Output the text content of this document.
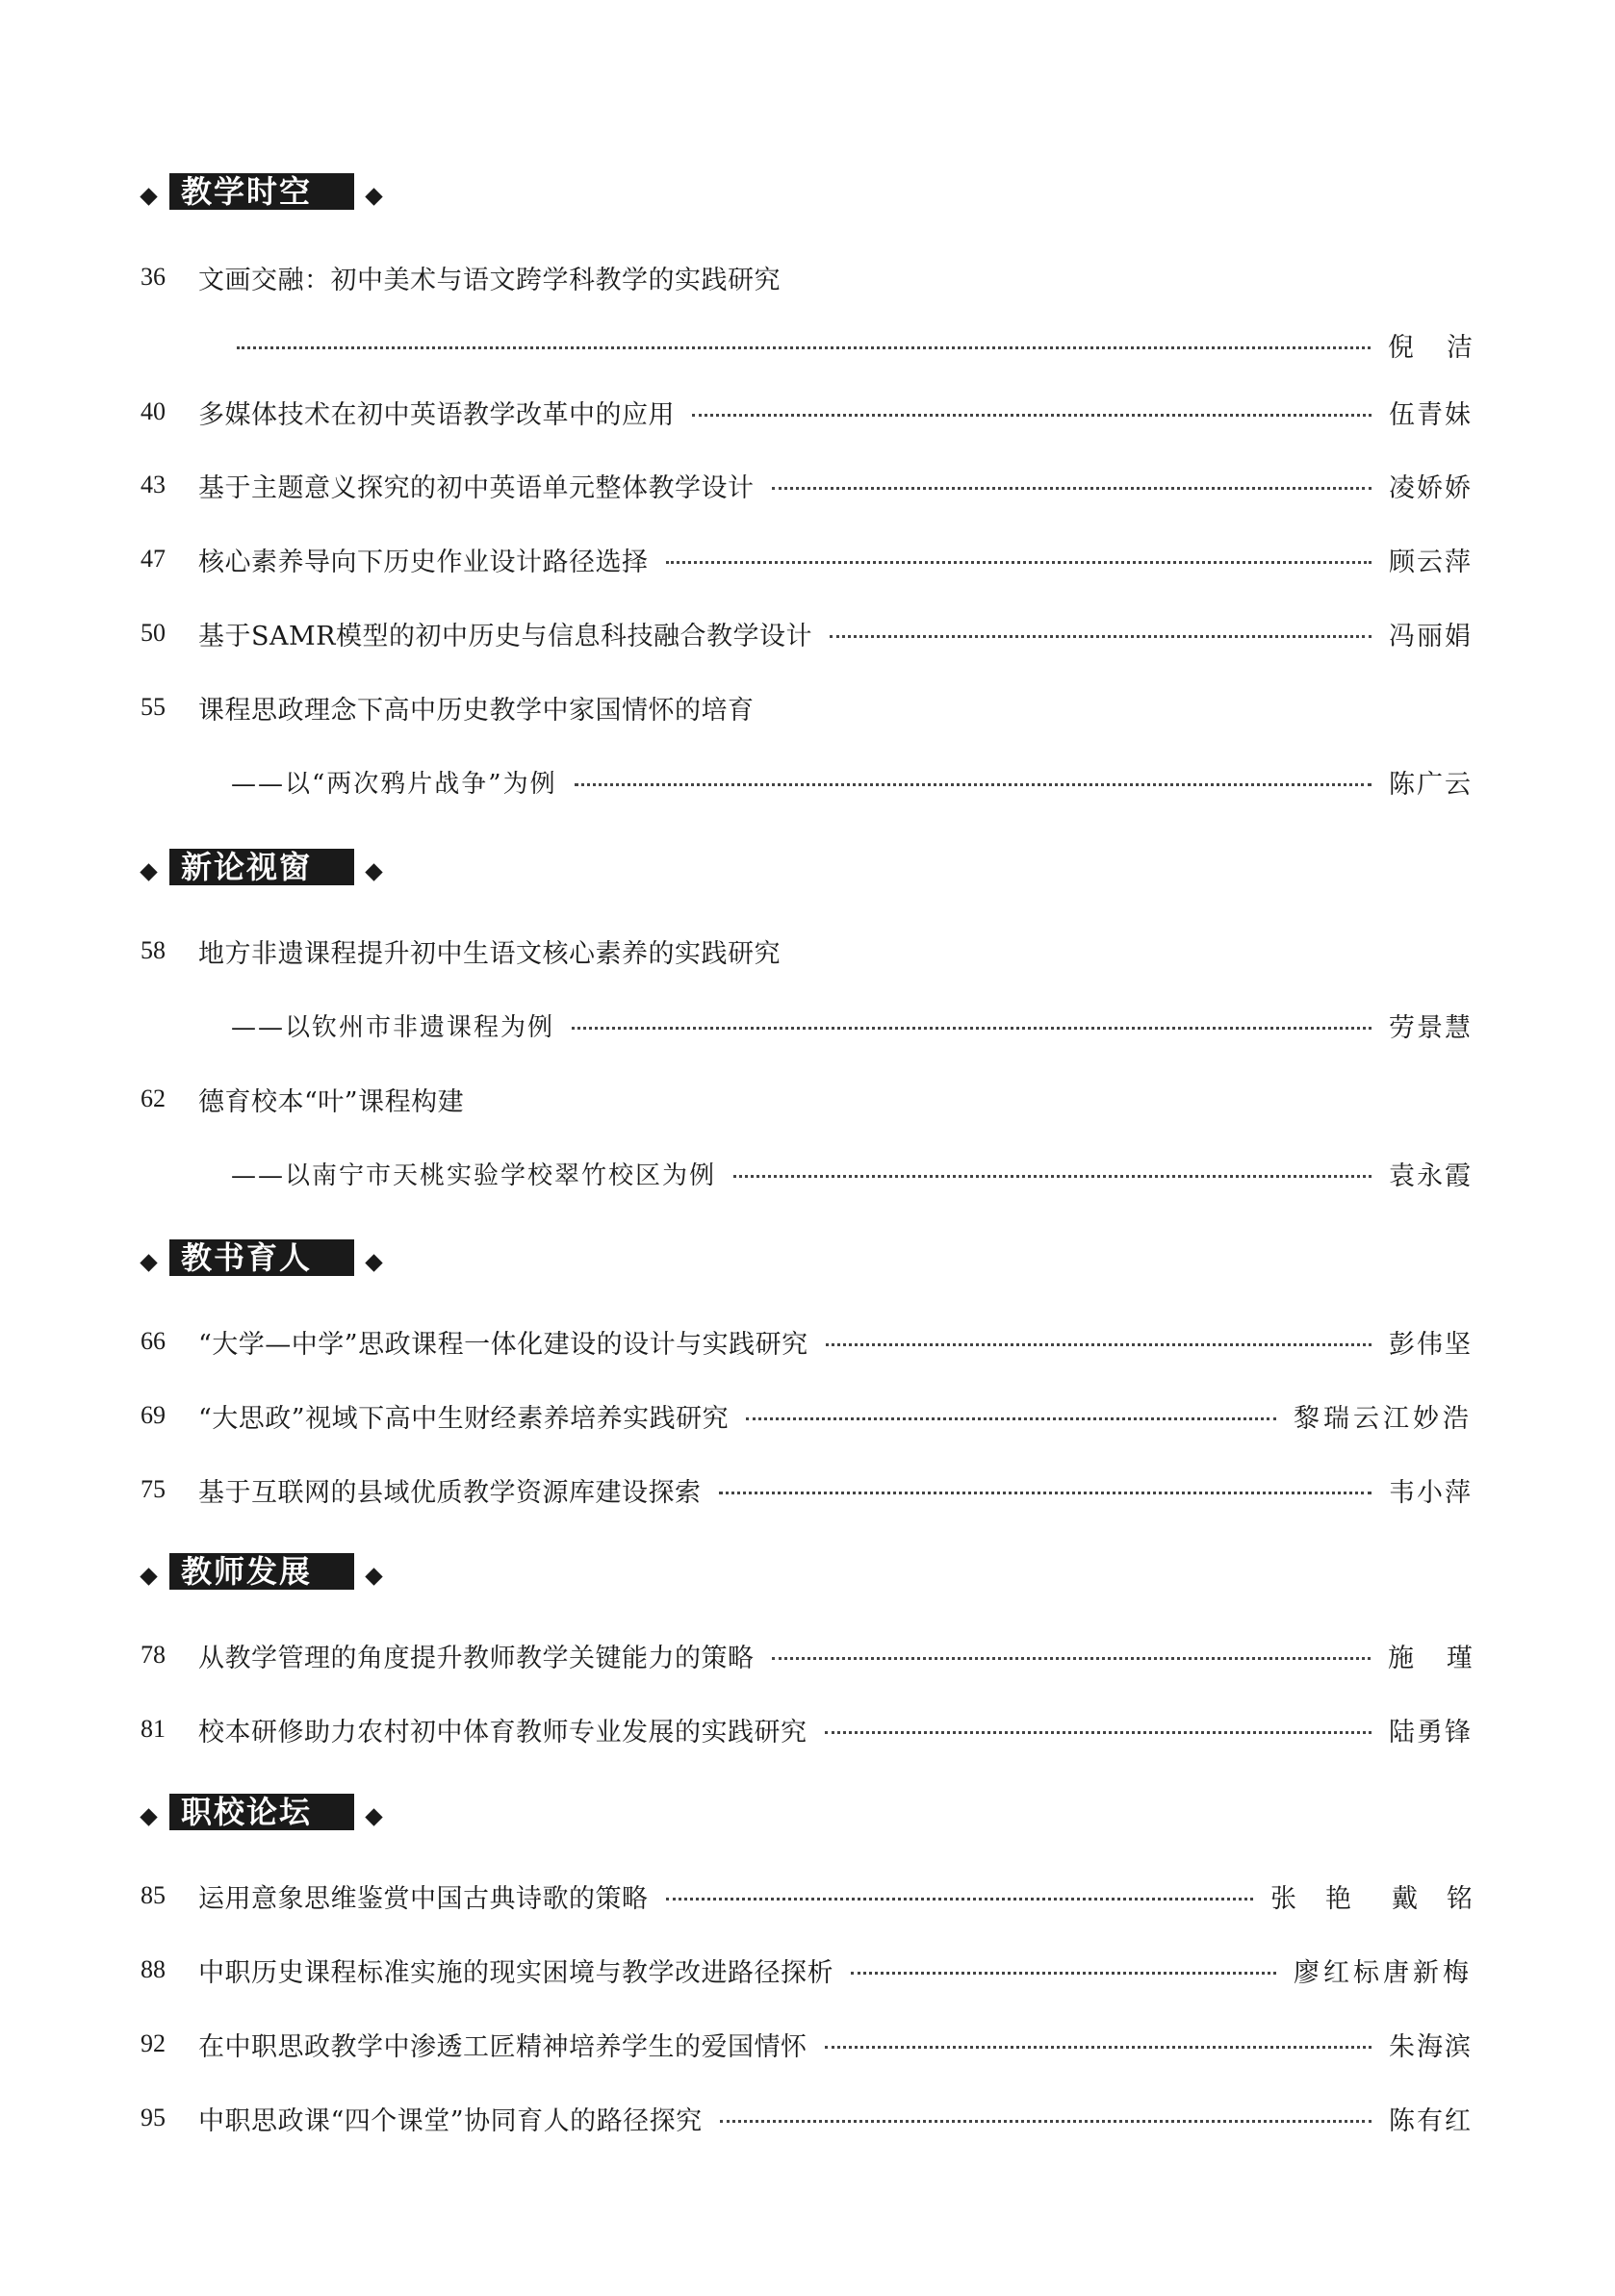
教学时空
36	文画交融：初中美术与语文跨学科教学的实践研究
倪洁
40	多媒体技术在初中英语教学改革中的应用	伍青妹
43	基于主题意义探究的初中英语单元整体教学设计	凌娇娇
47	核心素养导向下历史作业设计路径选择	顾云萍
50	基于SAMR模型的初中历史与信息科技融合教学设计	冯丽娟
55	课程思政理念下高中历史教学中家国情怀的培育
——以“两次鸦片战争”为例	陈广云
新论视窗
58	地方非遗课程提升初中生语文核心素养的实践研究
——以钦州市非遗课程为例	劳景慧
62	德育校本“叶”课程构建
——以南宁市天桃实验学校翠竹校区为例	袁永霞
教书育人
66	“大学—中学”思政课程一体化建设的设计与实践研究	彭伟坚
69	“大思政”视域下高中生财经素养培养实践研究	黎瑞云 江妙浩
75	基于互联网的县域优质教学资源库建设探索	韦小萍
教师发展
78	从教学管理的角度提升教师教学关键能力的策略	施瑾
81	校本研修助力农村初中体育教师专业发展的实践研究	陆勇锋
职校论坛
85	运用意象思维鉴赏中国古典诗歌的策略	张艳 戴铭
88	中职历史课程标准实施的现实困境与教学改进路径探析	廖红标 唐新梅
92	在中职思政教学中渗透工匠精神培养学生的爱国情怀	朱海滨
95	中职思政课“四个课堂”协同育人的路径探究	陈有红
